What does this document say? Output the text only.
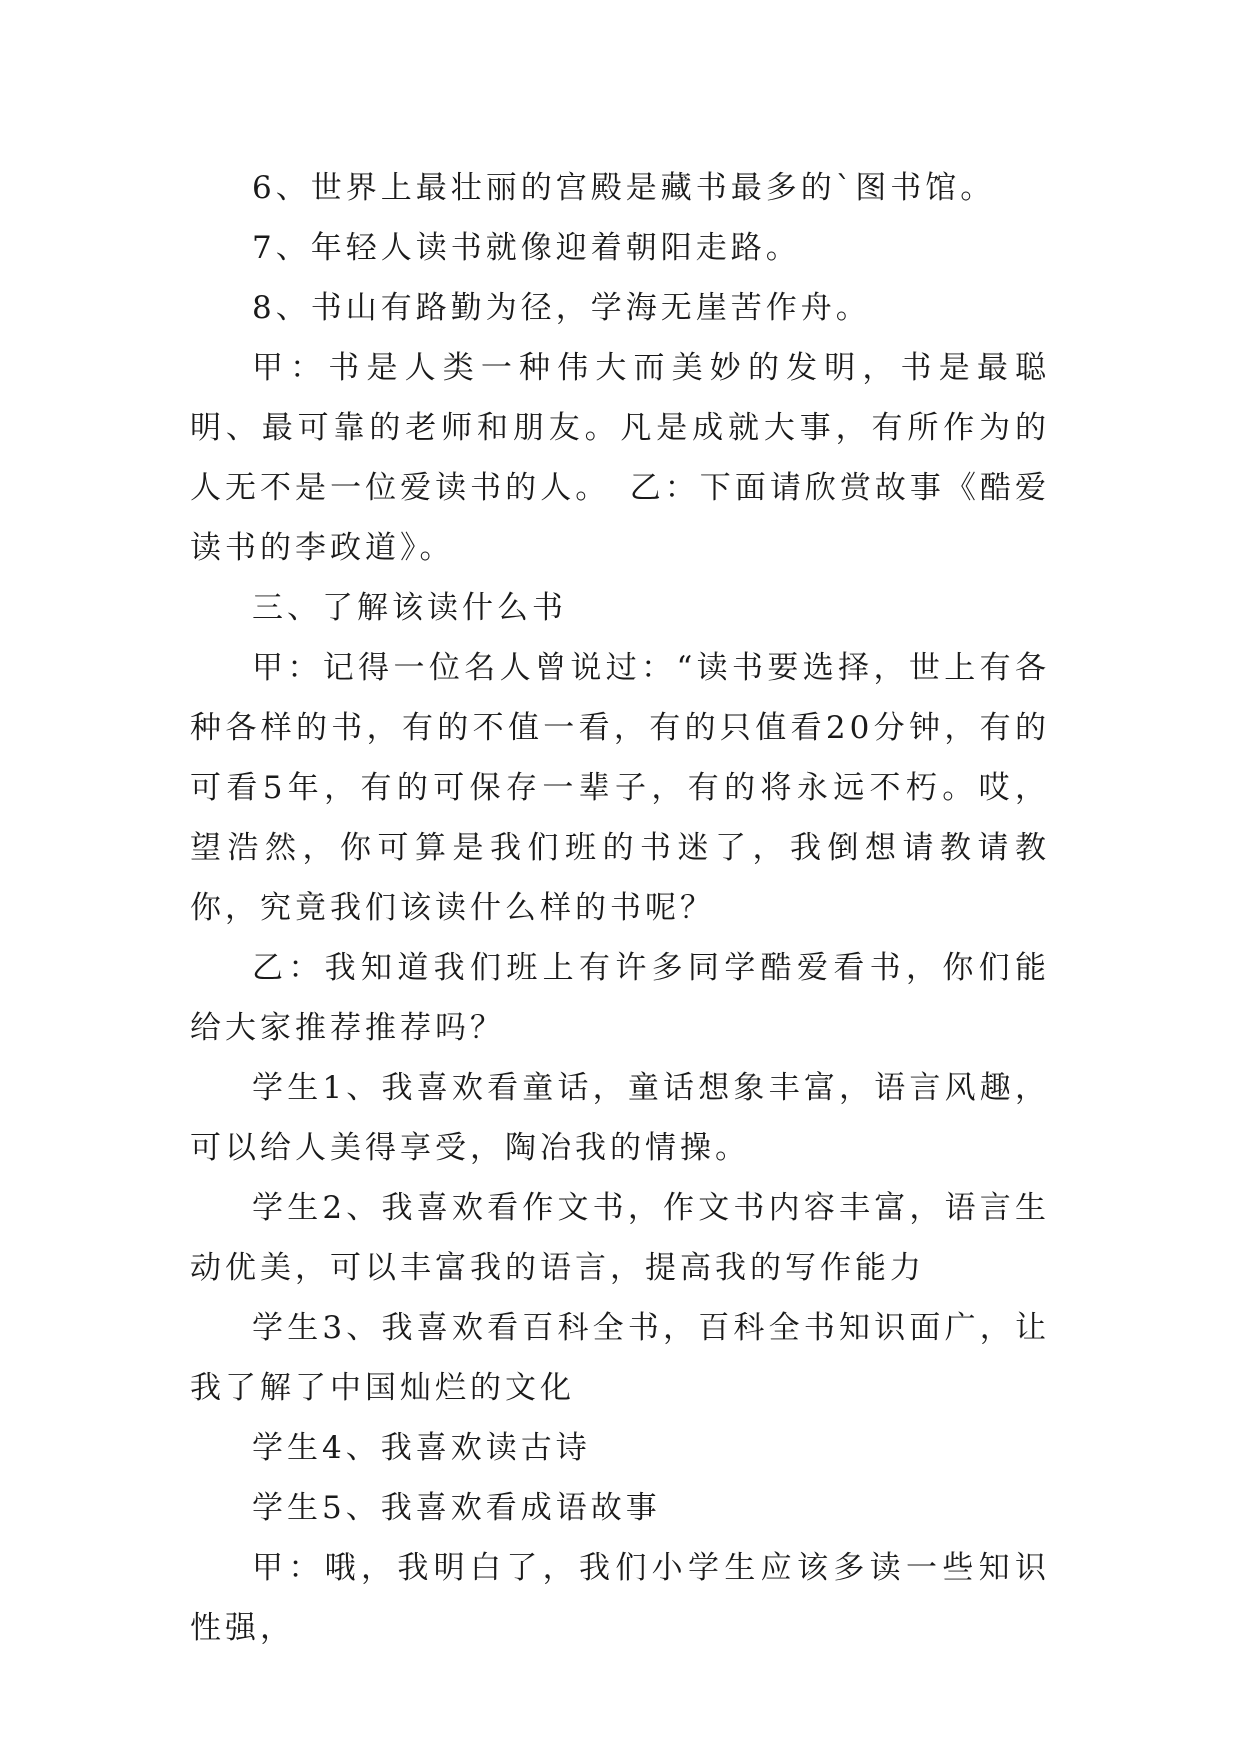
6、世界上最壮丽的宫殿是藏书最多的`图书馆。

7、年轻人读书就像迎着朝阳走路。

8、书山有路勤为径，学海无崖苦作舟。

甲：书是人类一种伟大而美妙的发明，书是最聪明、最可靠的老师和朋友。凡是成就大事，有所作为的人无不是一位爱读书的人。　乙：下面请欣赏故事《酷爱读书的李政道》。

三、了解该读什么书

甲：记得一位名人曾说过：“读书要选择，世上有各种各样的书，有的不值一看，有的只值看20分钟，有的可看5年，有的可保存一辈子，有的将永远不朽。哎，望浩然，你可算是我们班的书迷了，我倒想请教请教你，究竟我们该读什么样的书呢？

乙：我知道我们班上有许多同学酷爱看书，你们能给大家推荐推荐吗？

学生1、我喜欢看童话，童话想象丰富，语言风趣，可以给人美得享受，陶冶我的情操。

学生2、我喜欢看作文书，作文书内容丰富，语言生动优美，可以丰富我的语言，提高我的写作能力

学生3、我喜欢看百科全书，百科全书知识面广，让我了解了中国灿烂的文化

学生4、我喜欢读古诗

学生5、我喜欢看成语故事

甲：哦，我明白了，我们小学生应该多读一些知识性强，
